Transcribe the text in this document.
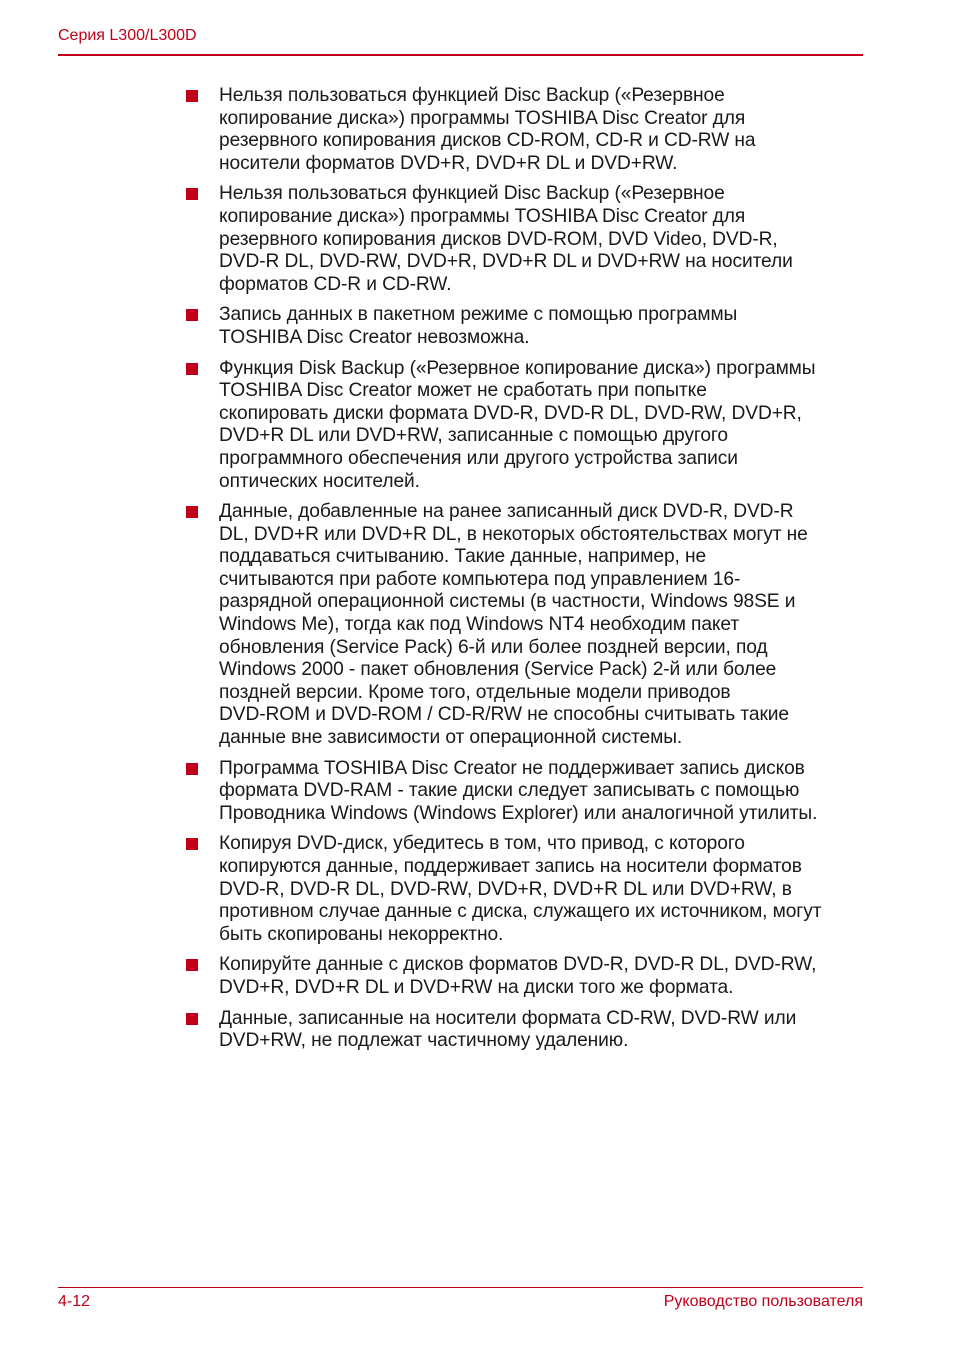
Серия L300/L300D
Нельзя пользоваться функцией Disc Backup («Резервное
копирование диска») программы TOSHIBA Disc Creator для
резервного копирования дисков CD-ROM, CD-R и CD-RW на
носители форматов DVD+R, DVD+R DL и DVD+RW.
Нельзя пользоваться функцией Disc Backup («Резервное
копирование диска») программы TOSHIBA Disc Creator для
резервного копирования дисков DVD-ROM, DVD Video, DVD-R,
DVD-R DL, DVD-RW, DVD+R, DVD+R DL и DVD+RW на носители
форматов CD-R и CD-RW.
Запись данных в пакетном режиме с помощью программы
TOSHIBA Disc Creator невозможна.
Функция Disk Backup («Резервное копирование диска») программы
TOSHIBA Disc Creator может не сработать при попытке
скопировать диски формата DVD-R, DVD-R DL, DVD-RW, DVD+R,
DVD+R DL или DVD+RW, записанные с помощью другого
программного обеспечения или другого устройства записи
оптических носителей.
Данные, добавленные на ранее записанный диск DVD-R, DVD-R
DL, DVD+R или DVD+R DL, в некоторых обстоятельствах могут не
поддаваться считыванию. Такие данные, например, не
считываются при работе компьютера под управлением 16-
разрядной операционной системы (в частности, Windows 98SE и
Windows Me), тогда как под Windows NT4 необходим пакет
обновления (Service Pack) 6-й или более поздней версии, под
Windows 2000 - пакет обновления (Service Pack) 2-й или более
поздней версии. Кроме того, отдельные модели приводов
DVD-ROM и DVD-ROM / CD-R/RW не способны считывать такие
данные вне зависимости от операционной системы.
Программа TOSHIBA Disc Creator не поддерживает запись дисков
формата DVD-RAM - такие диски следует записывать с помощью
Проводника Windows (Windows Explorer) или аналогичной утилиты.
Копируя DVD-диск, убедитесь в том, что привод, с которого
копируются данные, поддерживает запись на носители форматов
DVD-R, DVD-R DL, DVD-RW, DVD+R, DVD+R DL или DVD+RW, в
противном случае данные с диска, служащего их источником, могут
быть скопированы некорректно.
Копируйте данные с дисков форматов DVD-R, DVD-R DL, DVD-RW,
DVD+R, DVD+R DL и DVD+RW на диски того же формата.
Данные, записанные на носители формата CD-RW, DVD-RW или
DVD+RW, не подлежат частичному удалению.
4-12	Руководство пользователя
